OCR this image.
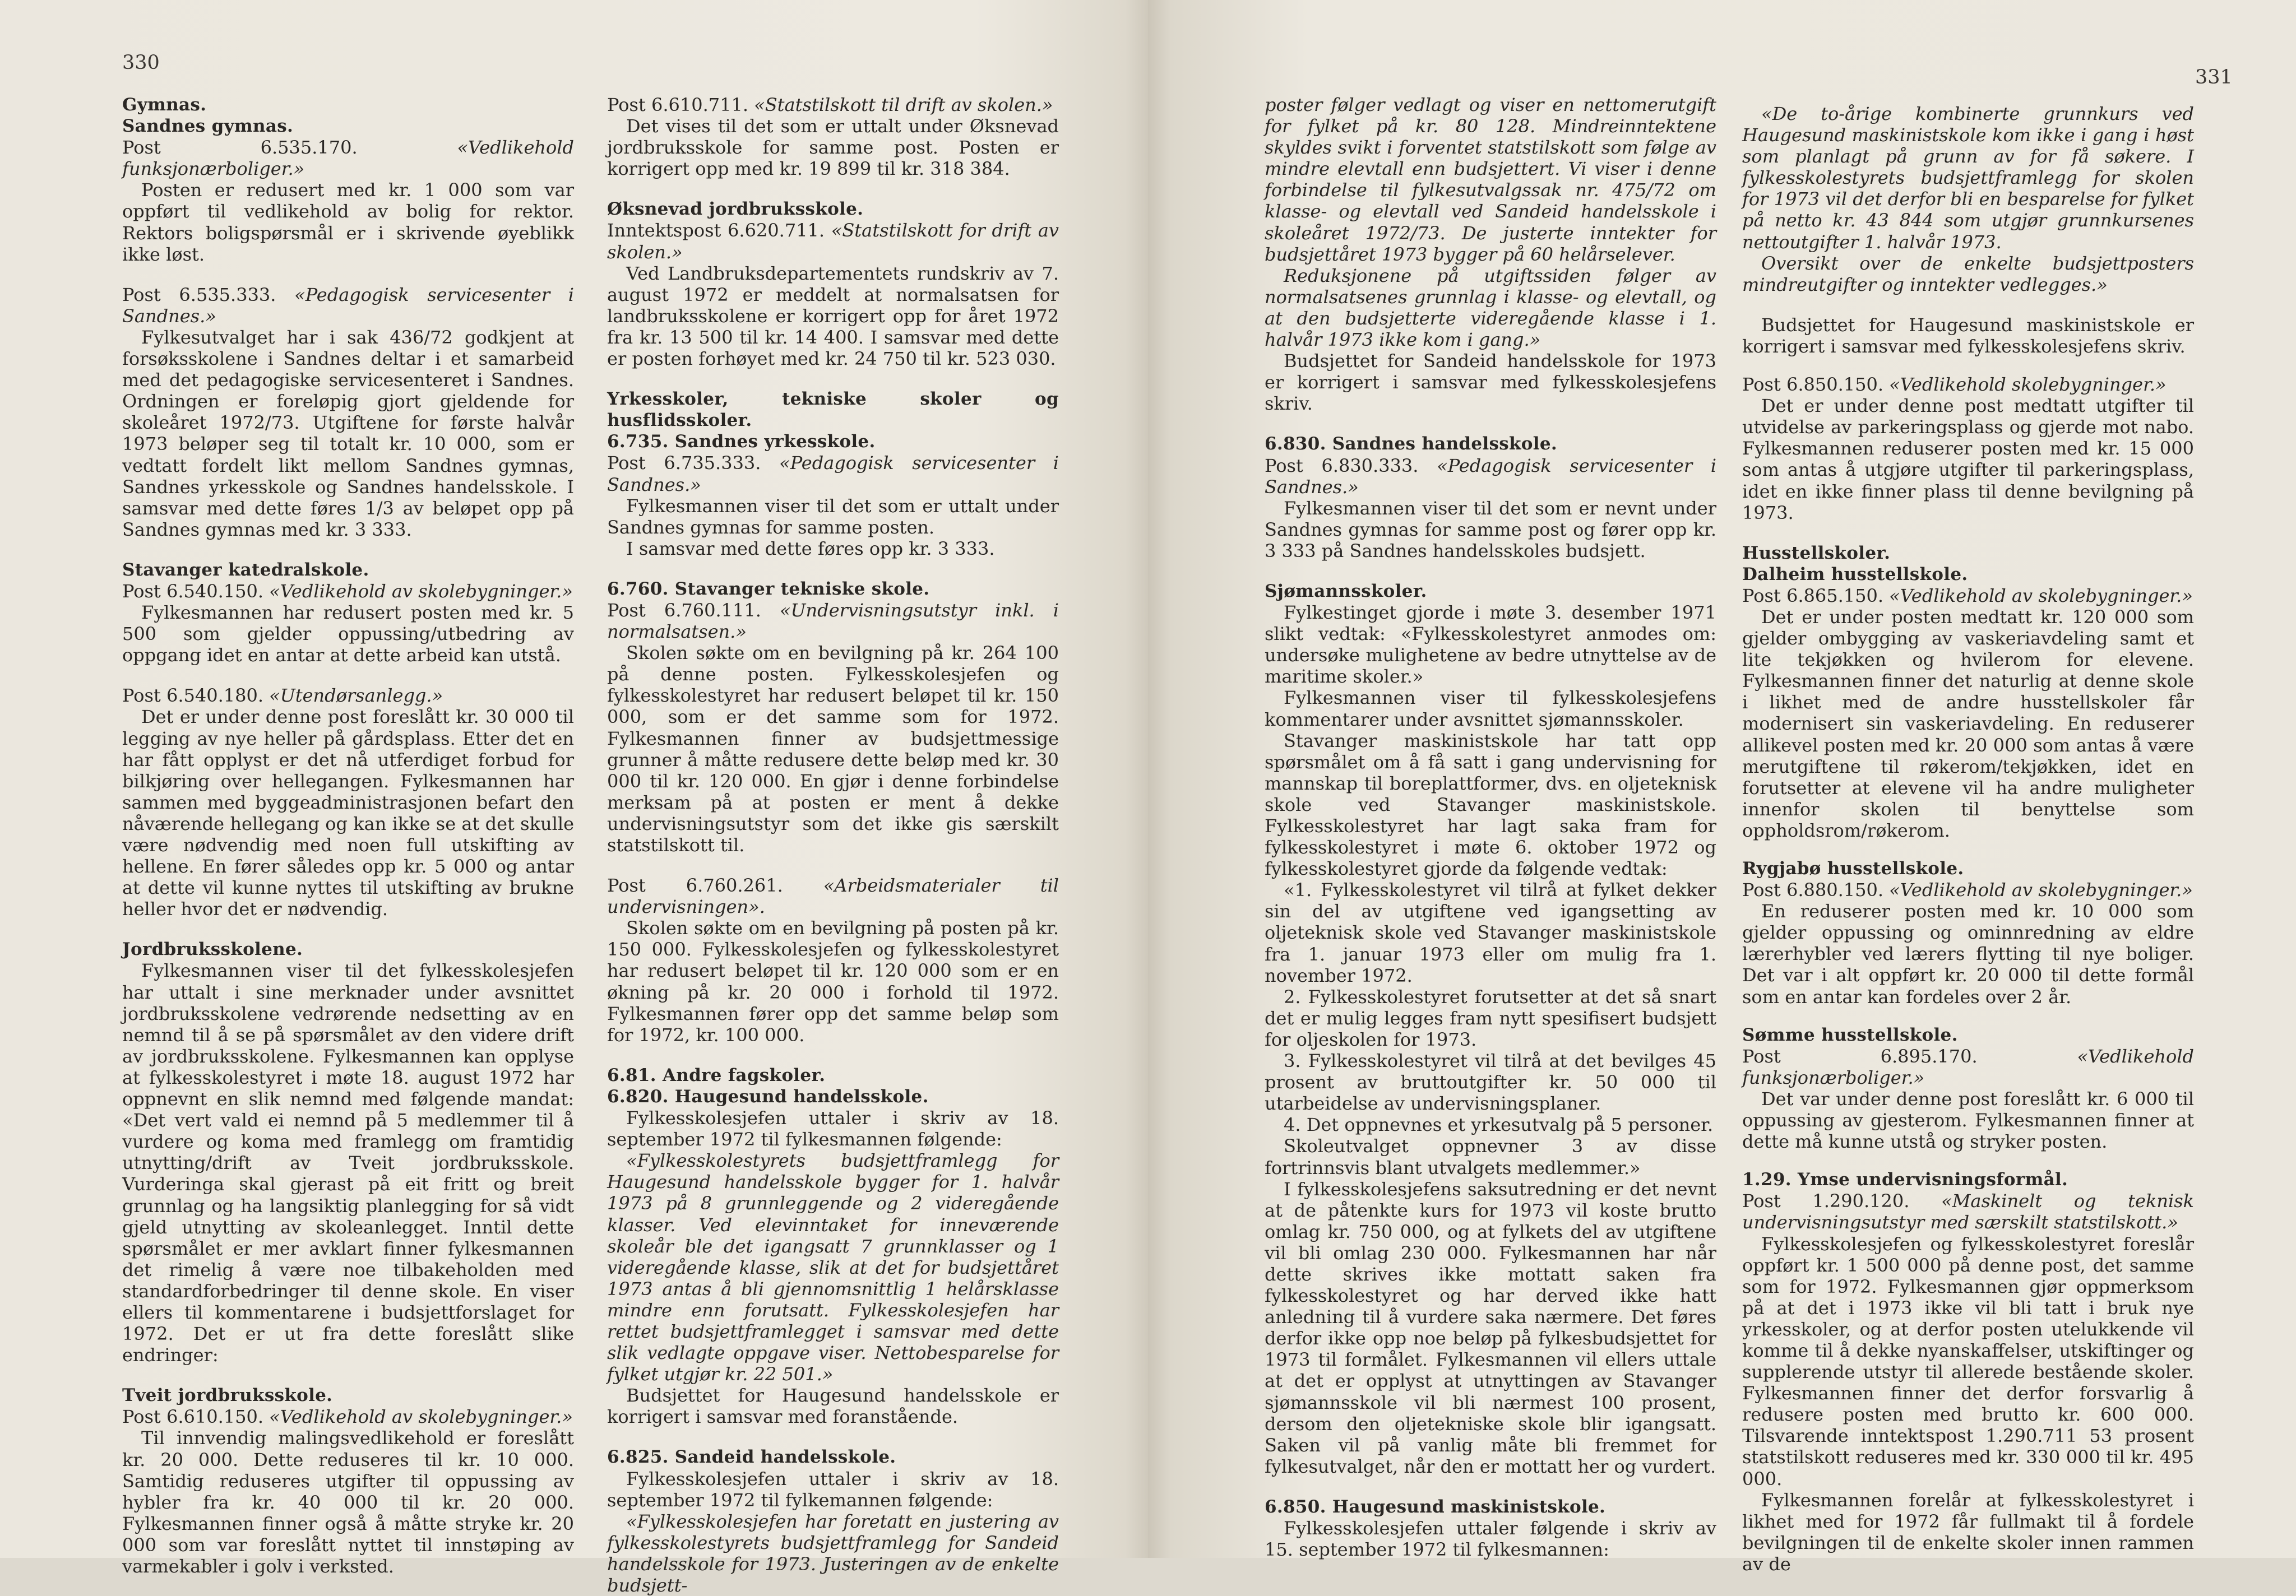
330

Gymnas.

Sandnes gymnas.

Post 6.535.170.	«Vedlikehold funksjonærboliger.»

Posten er redusert med kr. 1 000 som var oppført til vedlikehold av bolig for rektor. Rektors boligspørsmål er i skrivende øyeblikk ikke løst.

Post 6.535.333. «Pedagogisk servicesenter i Sandnes.»

Fylkesutvalget har i sak 436/72 godkjent at forsøksskolene i Sandnes deltar i et samarbeid med det pedagogiske servicesenteret i Sandnes. Ordningen er foreløpig gjort gjeldende for skoleåret 1972/73. Utgiftene for første halvår 1973 beløper seg til totalt kr. 10 000, som er vedtatt fordelt likt mellom Sandnes gymnas, Sandnes yrkesskole og Sandnes handelsskole. I samsvar med dette føres 1/3 av beløpet opp på Sandnes gymnas med kr. 3 333.

Stavanger katedralskole.

Post 6.540.150. «Vedlikehold av skolebygninger.»

Fylkesmannen har redusert posten med kr. 5 500 som gjelder oppussing/utbedring av oppgang idet en antar at dette arbeid kan utstå.

Post 6.540.180. «Utendørsanlegg.»

Det er under denne post foreslått kr. 30 000 til legging av nye heller på gårdsplass. Etter det en har fått opplyst er det nå utferdiget forbud for bilkjøring over hellegangen. Fylkesmannen har sammen med byggeadministrasjonen befart den nåværende hellegang og kan ikke se at det skulle være nødvendig med noen full utskifting av hellene. En fører således opp kr. 5 000 og antar at dette vil kunne nyttes til utskifting av brukne heller hvor det er nødvendig.

Jordbruksskolene.

Fylkesmannen viser til det fylkesskolesjefen har uttalt i sine merknader under avsnittet jordbruksskolene vedrørende nedsetting av en nemnd til å se på spørsmålet av den videre drift av jordbruksskolene. Fylkesmannen kan opplyse at fylkesskolestyret i møte 18. august 1972 har oppnevnt en slik nemnd med følgende mandat: «Det vert vald ei nemnd på 5 medlemmer til å vurdere og koma med framlegg om framtidig utnytting/drift av Tveit jordbruksskole. Vurderinga skal gjerast på eit fritt og breit grunnlag og ha langsiktig planlegging for så vidt gjeld utnytting av skoleanlegget. Inntil dette spørsmålet er mer avklart finner fylkesmannen det rimelig å være noe tilbakeholden med standardforbedringer til denne skole. En viser ellers til kommentarene i budsjettforslaget for 1972. Det er ut fra dette foreslått slike endringer:

Tveit jordbruksskole.

Post 6.610.150. «Vedlikehold av skolebygninger.»

Til innvendig malingsvedlikehold er foreslått kr. 20 000. Dette reduseres til kr. 10 000. Samtidig reduseres utgifter til oppussing av hybler fra kr. 40 000 til kr. 20 000. Fylkesmannen finner også å måtte stryke kr. 20 000 som var foreslått nyttet til innstøping av varmekabler i golv i verksted.

Post 6.610.711. «Statstilskott til drift av skolen.»

Det vises til det som er uttalt under Øksnevad jordbruksskole for samme post. Posten er korrigert opp med kr. 19 899 til kr. 318 384.

Øksnevad jordbruksskole.

Inntektspost 6.620.711. «Statstilskott for drift av skolen.»

Ved Landbruksdepartementets rundskriv av 7. august 1972 er meddelt at normalsatsen for landbruksskolene er korrigert opp for året 1972 fra kr. 13 500 til kr. 14 400. I samsvar med dette er posten forhøyet med kr. 24 750 til kr. 523 030.

Yrkesskoler, tekniske skoler og husflidsskoler.

6.735. Sandnes yrkesskole.

Post 6.735.333. «Pedagogisk servicesenter i Sandnes.»

Fylkesmannen viser til det som er uttalt under Sandnes gymnas for samme posten.

I samsvar med dette føres opp kr. 3 333.

6.760. Stavanger tekniske skole.

Post 6.760.111. «Undervisningsutstyr inkl. i normalsatsen.»

Skolen søkte om en bevilgning på kr. 264 100 på denne posten. Fylkesskolesjefen og fylkesskolestyret har redusert beløpet til kr. 150 000, som er det samme som for 1972. Fylkesmannen finner av budsjettmessige grunner å måtte redusere dette beløp med kr. 30 000 til kr. 120 000. En gjør i denne forbindelse merksam på at posten er ment å dekke undervisningsutstyr som det ikke gis særskilt statstilskott til.

Post 6.760.261. «Arbeidsmaterialer til undervisningen».

Skolen søkte om en bevilgning på posten på kr. 150 000. Fylkesskolesjefen og fylkesskolestyret har redusert beløpet til kr. 120 000 som er en økning på kr. 20 000 i forhold til 1972. Fylkesmannen fører opp det samme beløp som for 1972, kr. 100 000.

6.81. Andre fagskoler.

6.820. Haugesund handelsskole.

Fylkesskolesjefen uttaler i skriv av 18. september 1972 til fylkesmannen følgende:

«Fylkesskolestyrets budsjettframlegg for Haugesund handelsskole bygger for 1. halvår 1973 på 8 grunnleggende og 2 videregående klasser. Ved elevinntaket for inneværende skoleår ble det igangsatt 7 grunnklasser og 1 videregående klasse, slik at det for budsjettåret 1973 antas å bli gjennomsnittlig 1 helårsklasse mindre enn forutsatt. Fylkesskolesjefen har rettet budsjettframlegget i samsvar med dette slik vedlagte oppgave viser. Nettobesparelse for fylket utgjør kr. 22 501.»

Budsjettet for Haugesund handelsskole er korrigert i samsvar med foranstående.

6.825. Sandeid handelsskole.

Fylkesskolesjefen uttaler i skriv av 18. september 1972 til fylkemannen følgende:

«Fylkesskolesjefen har foretatt en justering av fylkesskolestyrets budsjettframlegg for Sandeid handelsskole for 1973. Justeringen av de enkelte budsjett-

poster følger vedlagt og viser en nettomerutgift for fylket på kr. 80 128. Mindreinntektene skyldes svikt i forventet statstilskott som følge av mindre elevtall enn budsjettert. Vi viser i denne forbindelse til fylkesutvalgssak nr. 475/72 om klasse- og elevtall ved Sandeid handelsskole i skoleåret 1972/73. De justerte inntekter for budsjettåret 1973 bygger på 60 helårselever.

Reduksjonene på utgiftssiden følger av normalsatsenes grunnlag i klasse- og elevtall, og at den budsjetterte videregående klasse i 1. halvår 1973 ikke kom i gang.»

Budsjettet for Sandeid handelsskole for 1973 er korrigert i samsvar med fylkesskolesjefens skriv.

6.830. Sandnes handelsskole.

Post 6.830.333. «Pedagogisk servicesenter i Sandnes.»

Fylkesmannen viser til det som er nevnt under Sandnes gymnas for samme post og fører opp kr. 3 333 på Sandnes handelsskoles budsjett.

Sjømannsskoler.

Fylkestinget gjorde i møte 3. desember 1971 slikt vedtak: «Fylkesskolestyret anmodes om: undersøke mulighetene av bedre utnyttelse av de maritime skoler.»

Fylkesmannen viser til fylkesskolesjefens kommentarer under avsnittet sjømannsskoler.

Stavanger maskinistskole har tatt opp spørsmålet om å få satt i gang undervisning for mannskap til boreplattformer, dvs. en oljeteknisk skole ved Stavanger maskinistskole. Fylkesskolestyret har lagt saka fram for fylkesskolestyret i møte 6. oktober 1972 og fylkesskolestyret gjorde da følgende vedtak:

«1. Fylkesskolestyret vil tilrå at fylket dekker sin del av utgiftene ved igangsetting av oljeteknisk skole ved Stavanger maskinistskole fra 1. januar 1973 eller om mulig fra 1. november 1972.

2. Fylkesskolestyret forutsetter at det så snart det er mulig legges fram nytt spesifisert budsjett for oljeskolen for 1973.

3. Fylkesskolestyret vil tilrå at det bevilges 45 prosent av bruttoutgifter kr. 50 000 til utarbeidelse av undervisningsplaner.

4. Det oppnevnes et yrkesutvalg på 5 personer.

Skoleutvalget oppnevner 3 av disse fortrinnsvis blant utvalgets medlemmer.»

I fylkesskolesjefens saksutredning er det nevnt at de påtenkte kurs for 1973 vil koste brutto omlag kr. 750 000, og at fylkets del av utgiftene vil bli omlag 230 000. Fylkesmannen har når dette skrives ikke mottatt saken fra fylkesskolestyret og har derved ikke hatt anledning til å vurdere saka nærmere. Det føres derfor ikke opp noe beløp på fylkesbudsjettet for 1973 til formålet. Fylkesmannen vil ellers uttale at det er opplyst at utnyttingen av Stavanger sjømannsskole vil bli nærmest 100 prosent, dersom den oljetekniske skole blir igangsatt. Saken vil på vanlig måte bli fremmet for fylkesutvalget, når den er mottatt her og vurdert.

6.850. Haugesund maskinistskole.

Fylkesskolesjefen uttaler følgende i skriv av 15. september 1972 til fylkesmannen:

«De to-årige kombinerte grunnkurs ved Haugesund maskinistskole kom ikke i gang i høst som planlagt på grunn av for få søkere. I fylkesskolestyrets budsjettframlegg for skolen for 1973 vil det derfor bli en besparelse for fylket på netto kr. 43 844 som utgjør grunnkursenes nettoutgifter 1. halvår 1973.

Oversikt over de enkelte budsjettposters mindreutgifter og inntekter vedlegges.»

Budsjettet for Haugesund maskinistskole er korrigert i samsvar med fylkesskolesjefens skriv.

Post 6.850.150. «Vedlikehold skolebygninger.»

Det er under denne post medtatt utgifter til utvidelse av parkeringsplass og gjerde mot nabo. Fylkesmannen reduserer posten med kr. 15 000 som antas å utgjøre utgifter til parkeringsplass, idet en ikke finner plass til denne bevilgning på 1973.

Husstellskoler.

Dalheim husstellskole.

Post 6.865.150. «Vedlikehold av skolebygninger.»

Det er under posten medtatt kr. 120 000 som gjelder ombygging av vaskeriavdeling samt et lite tekjøkken og hvilerom for elevene. Fylkesmannen finner det naturlig at denne skole i likhet med de andre husstellskoler får modernisert sin vaskeriavdeling. En reduserer allikevel posten med kr. 20 000 som antas å være merutgiftene til røkerom/tekjøkken, idet en forutsetter at elevene vil ha andre muligheter innenfor skolen til benyttelse som oppholdsrom/røkerom.

Rygjabø husstellskole.

Post 6.880.150. «Vedlikehold av skolebygninger.»

En reduserer posten med kr. 10 000 som gjelder oppussing og ominnredning av eldre lærerhybler ved lærers flytting til nye boliger. Det var i alt oppført kr. 20 000 til dette formål som en antar kan fordeles over 2 år.

Sømme husstellskole.

Post 6.895.170.	«Vedlikehold funksjonærboliger.»

Det var under denne post foreslått kr. 6 000 til oppussing av gjesterom. Fylkesmannen finner at dette må kunne utstå og stryker posten.

1.29. Ymse undervisningsformål.

Post 1.290.120. «Maskinelt og teknisk undervisningsutstyr med særskilt statstilskott.»

Fylkesskolesjefen og fylkesskolestyret foreslår oppført kr. 1 500 000 på denne post, det samme som for 1972. Fylkesmannen gjør oppmerksom på at det i 1973 ikke vil bli tatt i bruk nye yrkesskoler, og at derfor posten utelukkende vil komme til å dekke nyanskaffelser, utskiftinger og supplerende utstyr til allerede bestående skoler. Fylkesmannen finner det derfor forsvarlig å redusere posten med brutto kr. 600 000. Tilsvarende inntektspost 1.290.711 53 prosent statstilskott reduseres med kr. 330 000 til kr. 495 000.

Fylkesmannen forelår at fylkesskolestyret i likhet med for 1972 får fullmakt til å fordele bevilgningen til de enkelte skoler innen rammen av de

331
